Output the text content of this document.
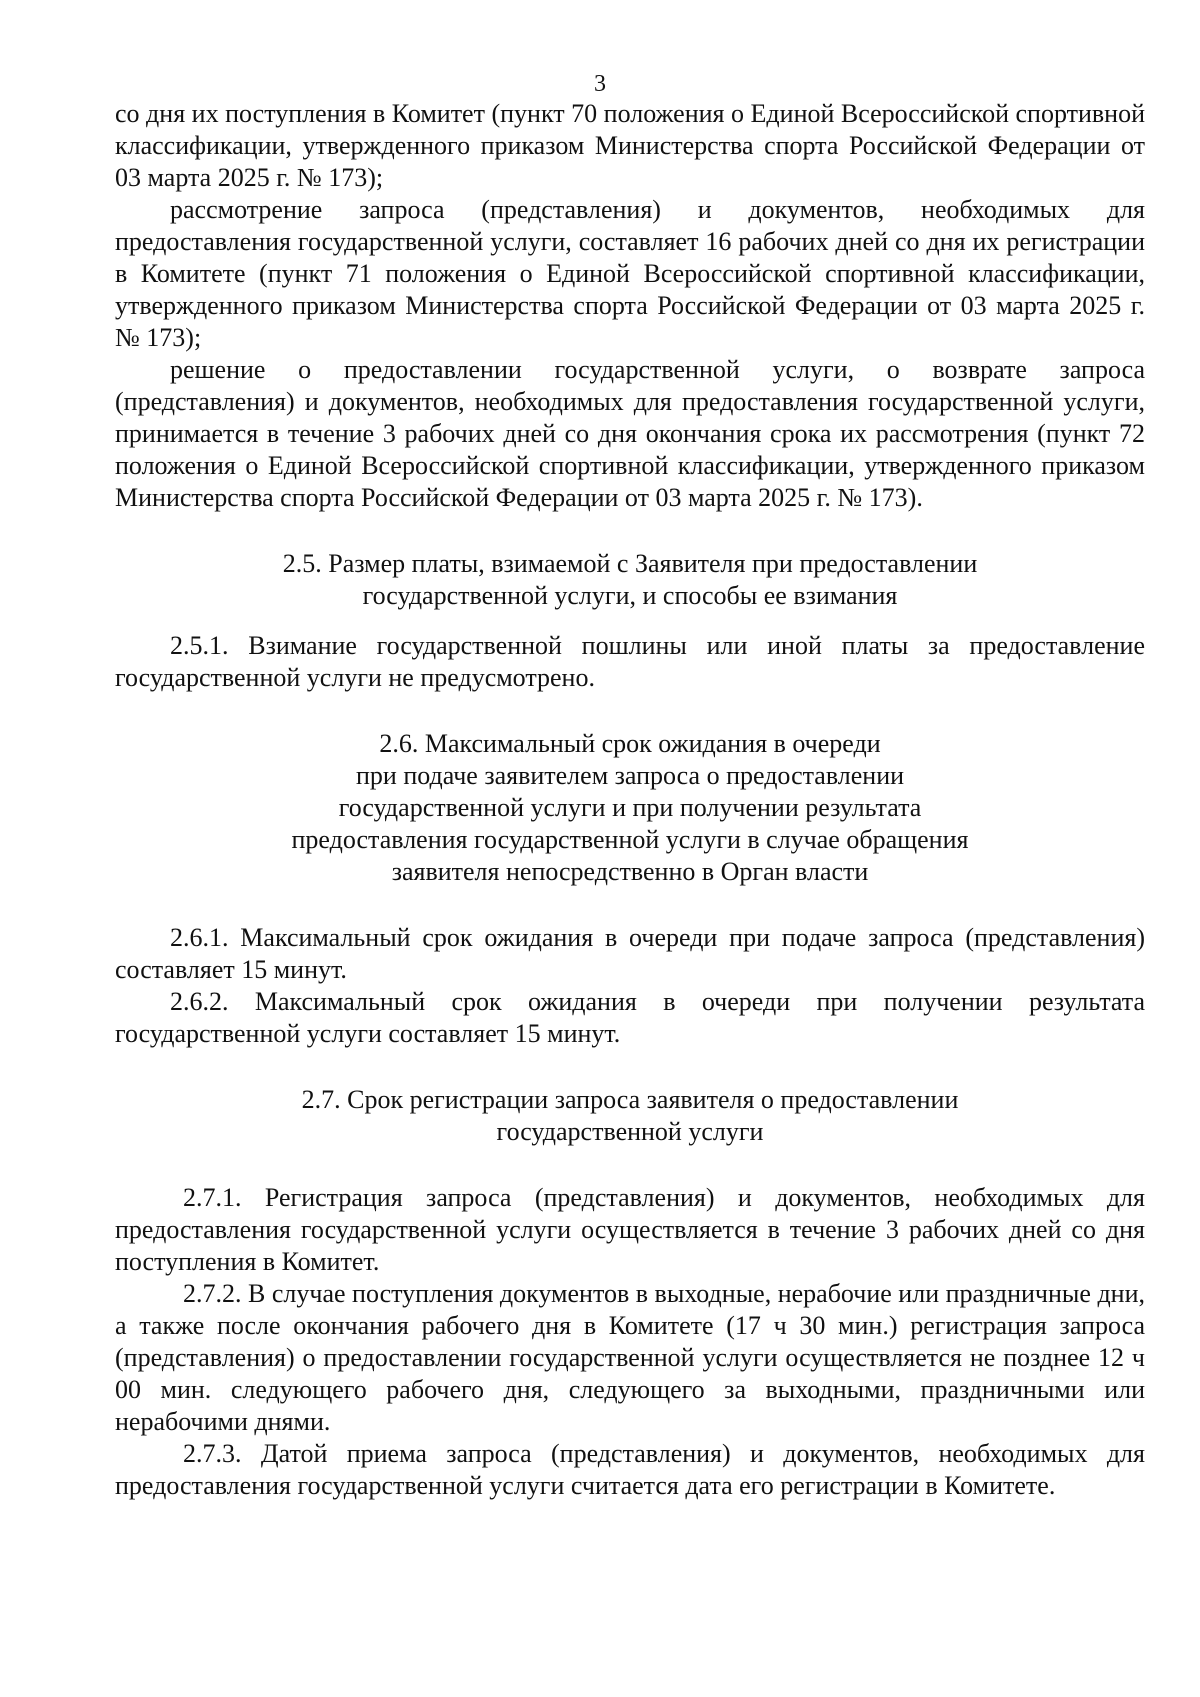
3

со дня их поступления в Комитет (пункт 70 положения о Единой Всероссийской спортивной классификации, утвержденного приказом Министерства спорта Российской Федерации от 03 марта 2025 г. № 173);

рассмотрение запроса (представления) и документов, необходимых для предоставления государственной услуги, составляет 16 рабочих дней со дня их регистрации в Комитете (пункт 71 положения о Единой Всероссийской спортивной классификации, утвержденного приказом Министерства спорта Российской Федерации от 03 марта 2025 г. № 173);

решение о предоставлении государственной услуги, о возврате запроса (представления) и документов, необходимых для предоставления государственной услуги, принимается в течение 3 рабочих дней со дня окончания срока их рассмотрения (пункт 72 положения о Единой Всероссийской спортивной классификации, утвержденного приказом Министерства спорта Российской Федерации от 03 марта 2025 г. № 173).

2.5. Размер платы, взимаемой с Заявителя при предоставлении
государственной услуги, и способы ее взимания

2.5.1. Взимание государственной пошлины или иной платы за предоставление государственной услуги не предусмотрено.

2.6. Максимальный срок ожидания в очереди
при подаче заявителем запроса о предоставлении
государственной услуги и при получении результата
предоставления государственной услуги в случае обращения
заявителя непосредственно в Орган власти

2.6.1. Максимальный срок ожидания в очереди при подаче запроса (представления) составляет 15 минут.

2.6.2. Максимальный срок ожидания в очереди при получении результата государственной услуги составляет 15 минут.

2.7. Срок регистрации запроса заявителя о предоставлении
государственной услуги

2.7.1. Регистрация запроса (представления) и документов, необходимых для предоставления государственной услуги осуществляется в течение 3 рабочих дней со дня поступления в Комитет.

2.7.2. В случае поступления документов в выходные, нерабочие или праздничные дни, а также после окончания рабочего дня в Комитете (17 ч 30 мин.) регистрация запроса (представления) о предоставлении государственной услуги осуществляется не позднее 12 ч 00 мин. следующего рабочего дня, следующего за выходными, праздничными или нерабочими днями.

2.7.3. Датой приема запроса (представления) и документов, необходимых для предоставления государственной услуги считается дата его регистрации в Комитете.
